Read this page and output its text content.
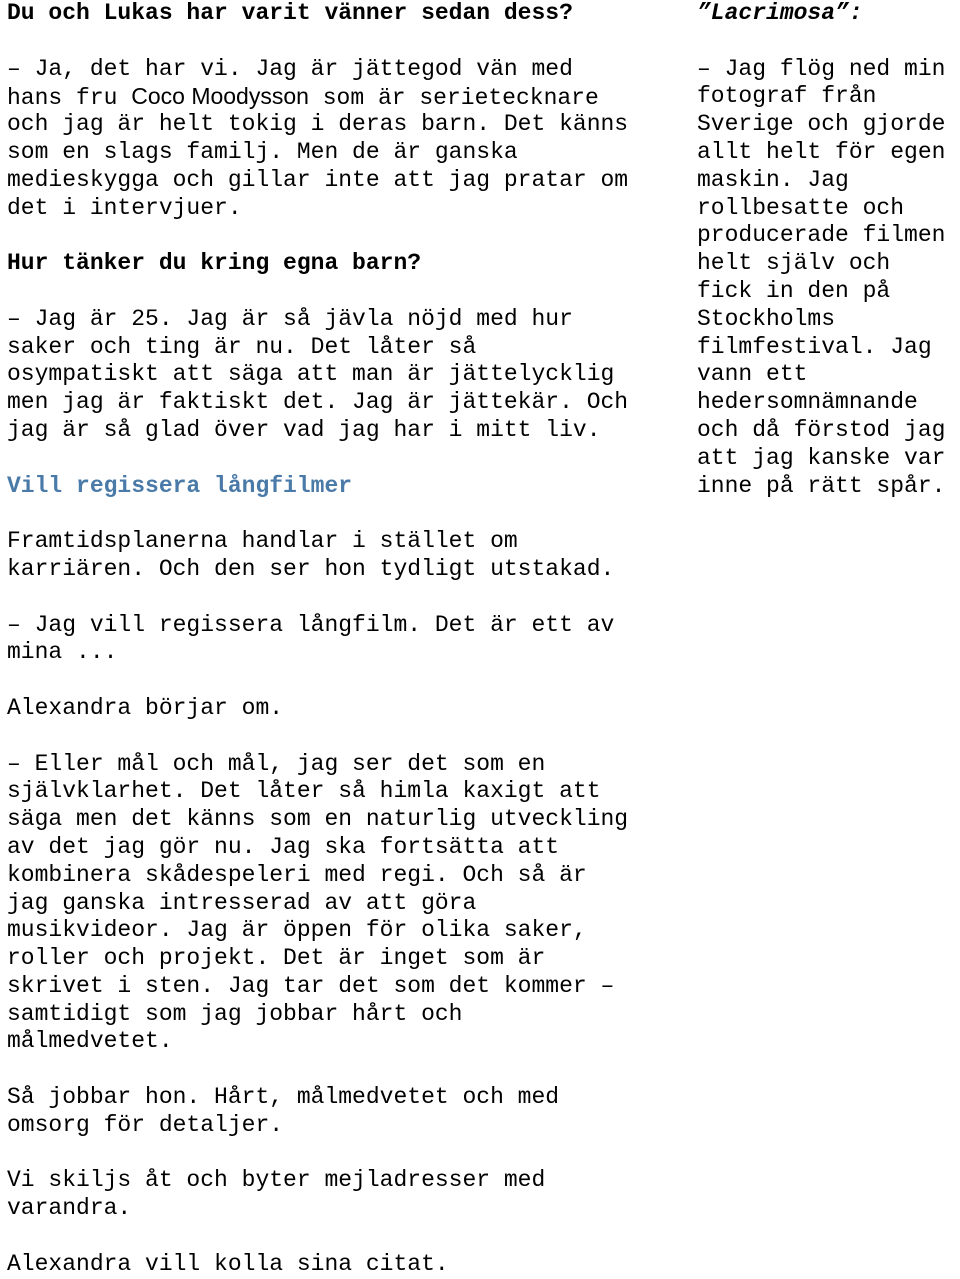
Du och Lukas har varit vänner sedan dess?
– Ja, det har vi. Jag är jättegod vän med
hans fru Coco Moodysson som är serietecknare
och jag är helt tokig i deras barn. Det känns
som en slags familj. Men de är ganska
medieskygga och gillar inte att jag pratar om
det i intervjuer.
Hur tänker du kring egna barn?
– Jag är 25. Jag är så jävla nöjd med hur
saker och ting är nu. Det låter så
osympatiskt att säga att man är jättelycklig
men jag är faktiskt det. Jag är jättekär. Och
jag är så glad över vad jag har i mitt liv.
Vill regissera långfilmer
Framtidsplanerna handlar i stället om
karriären. Och den ser hon tydligt utstakad.
– Jag vill regissera långfilm. Det är ett av
mina ...
Alexandra börjar om.
– Eller mål och mål, jag ser det som en
självklarhet. Det låter så himla kaxigt att
säga men det känns som en naturlig utveckling
av det jag gör nu. Jag ska fortsätta att
kombinera skådespeleri med regi. Och så är
jag ganska intresserad av att göra
musikvideor. Jag är öppen för olika saker,
roller och projekt. Det är inget som är
skrivet i sten. Jag tar det som det kommer –
samtidigt som jag jobbar hårt och
målmedvetet.
Så jobbar hon. Hårt, målmedvetet och med
omsorg för detaljer.
Vi skiljs åt och byter mejladresser med
varandra.
Alexandra vill kolla sina citat.
”Lacrimosa”:
– Jag flög ned min
fotograf från
Sverige och gjorde
allt helt för egen
maskin. Jag
rollbesatte och
producerade filmen
helt själv och
fick in den på
Stockholms
filmfestival. Jag
vann ett
hedersomnämnande
och då förstod jag
att jag kanske var
inne på rätt spår.
